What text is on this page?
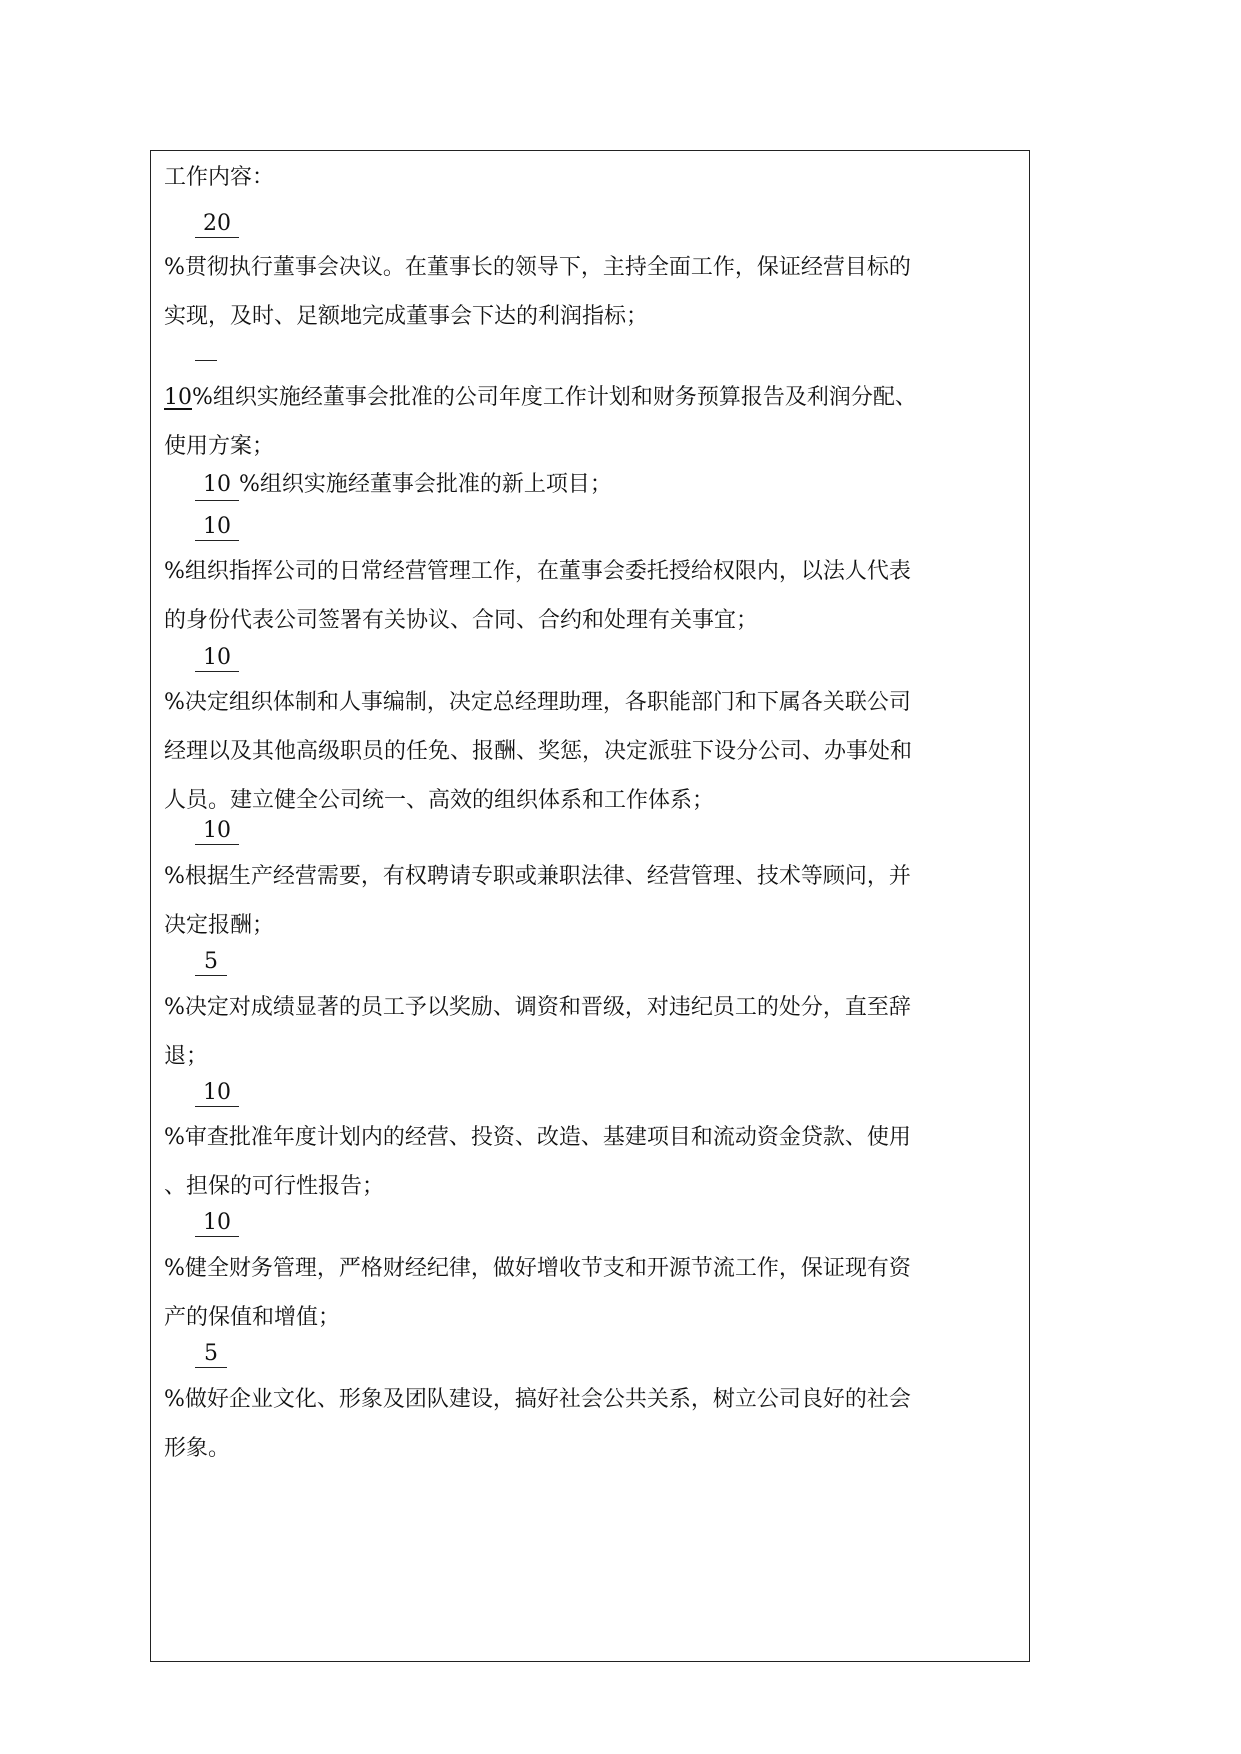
工作内容：
20
%贯彻执行董事会决议。在董事长的领导下，主持全面工作，保证经营目标的
实现，及时、足额地完成董事会下达的利润指标；
10%组织实施经董事会批准的公司年度工作计划和财务预算报告及利润分配、
使用方案；
10 %组织实施经董事会批准的新上项目；
10
%组织指挥公司的日常经营管理工作，在董事会委托授给权限内，以法人代表
的身份代表公司签署有关协议、合同、合约和处理有关事宜；
10
%决定组织体制和人事编制，决定总经理助理，各职能部门和下属各关联公司
经理以及其他高级职员的任免、报酬、奖惩，决定派驻下设分公司、办事处和
人员。建立健全公司统一、高效的组织体系和工作体系；
10
%根据生产经营需要，有权聘请专职或兼职法律、经营管理、技术等顾问，并
决定报酬；
5
%决定对成绩显著的员工予以奖励、调资和晋级，对违纪员工的处分，直至辞
退；
10
%审查批准年度计划内的经营、投资、改造、基建项目和流动资金贷款、使用
、担保的可行性报告；
10
%健全财务管理，严格财经纪律，做好增收节支和开源节流工作，保证现有资
产的保值和增值；
5
%做好企业文化、形象及团队建设，搞好社会公共关系，树立公司良好的社会
形象。
